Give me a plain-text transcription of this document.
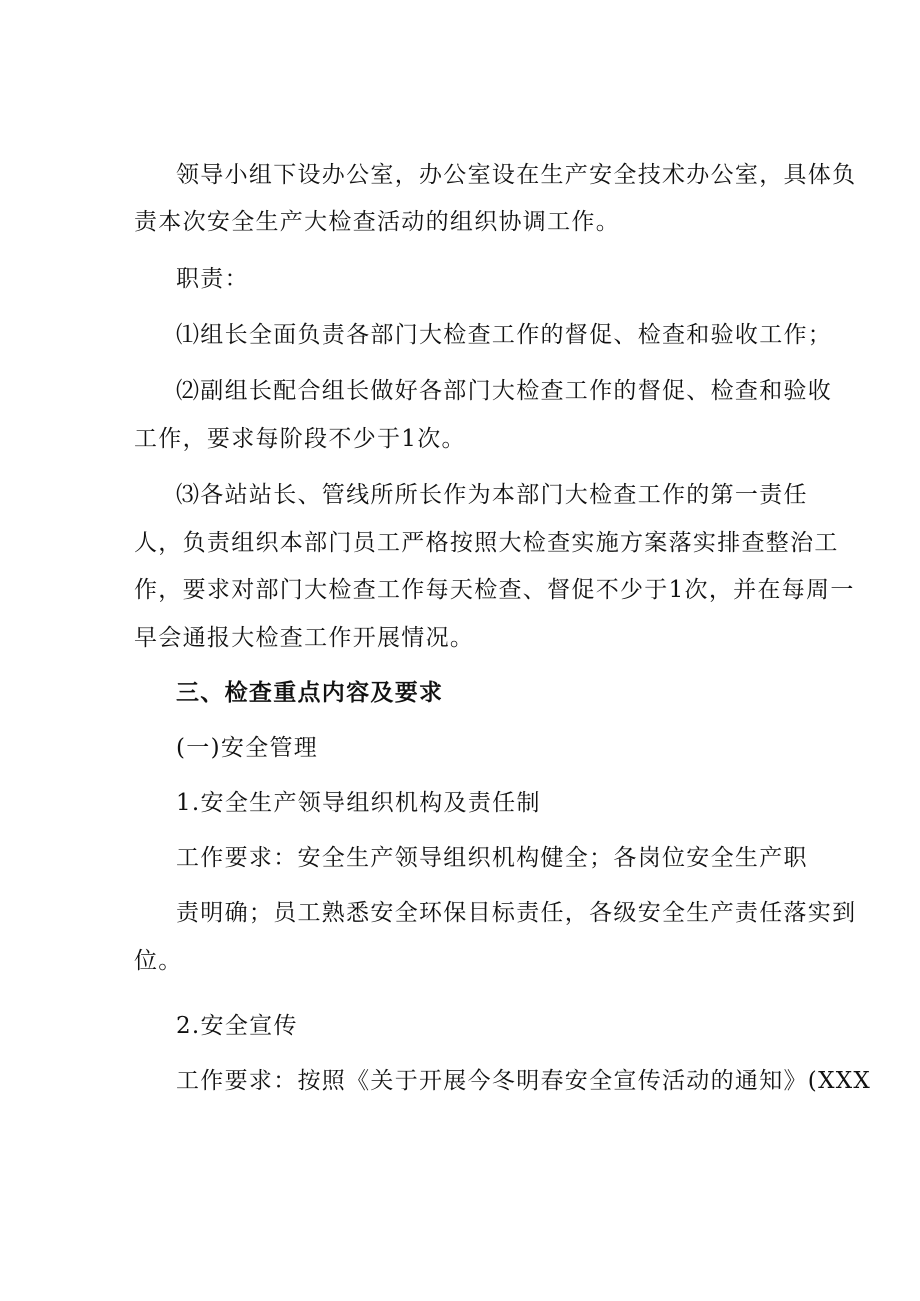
领导小组下设办公室，办公室设在生产安全技术办公室，具体负
责本次安全生产大检查活动的组织协调工作。
职责：
⑴组长全面负责各部门大检查工作的督促、检查和验收工作；
⑵副组长配合组长做好各部门大检查工作的督促、检查和验收
工作，要求每阶段不少于1次。
⑶各站站长、管线所所长作为本部门大检查工作的第一责任
人，负责组织本部门员工严格按照大检查实施方案落实排查整治工
作，要求对部门大检查工作每天检查、督促不少于1次，并在每周一
早会通报大检查工作开展情况。
三、检查重点内容及要求
(一)安全管理
1.安全生产领导组织机构及责任制
工作要求：安全生产领导组织机构健全；各岗位安全生产职
责明确；员工熟悉安全环保目标责任，各级安全生产责任落实到
位。
2.安全宣传
工作要求：按照《关于开展今冬明春安全宣传活动的通知》(XXX
